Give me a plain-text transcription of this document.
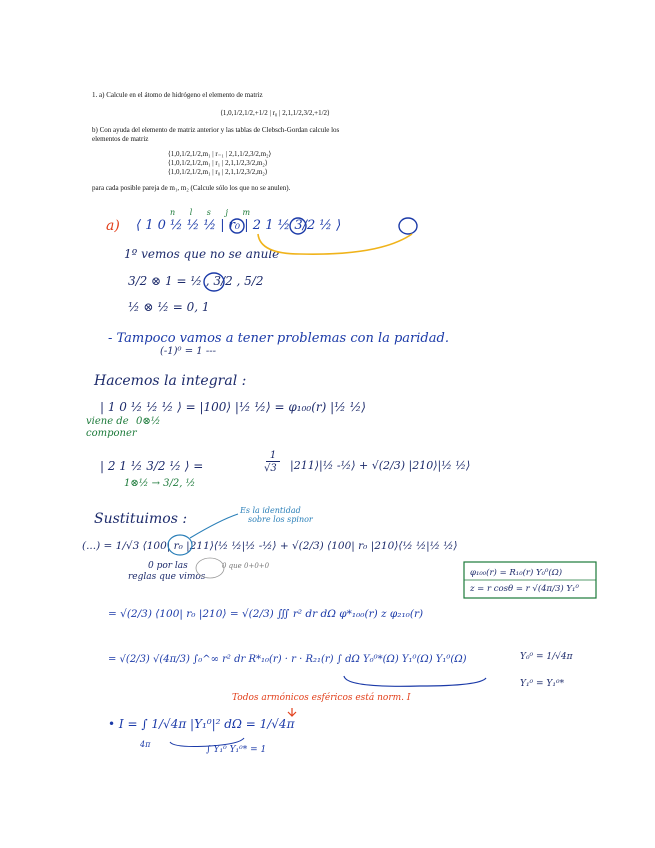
1. a) Calcule en el átomo de hidrógeno el elemento de matriz
⟨1,0,1/2,1/2,+1/2 | r₀ | 2,1,1/2,3/2,+1/2⟩
b) Con ayuda del elemento de matriz anterior y las tablas de Clebsch-Gordan calcule los
elementos de matriz
⟨1,0,1/2,1/2,m₁ | r₋₁ | 2,1,1/2,3/2,m₂⟩
⟨1,0,1/2,1/2,m₁ | r₁ | 2,1,1/2,3/2,m₂⟩
⟨1,0,1/2,1/2,m₁ | r₀ | 2,1,1/2,3/2,m₂⟩
para cada posible pareja de m₁, m₂ (Calcule sólo los que no se anulen).
a)
n l s j m
⟨ 1 0 ½ ½ ½ | r₀ | 2 1 ½ 3/2 ½ ⟩
1º vemos que no se anule
3/2 ⊗ 1 = ½ , 3/2 , 5/2
½ ⊗ ½ = 0, 1
- Tampoco vamos a tener problemas con la paridad.
(-1)⁰ = 1 ---
Hacemos la integral :
| 1 0 ½ ½ ½ ⟩ = |100⟩ |½ ½⟩ = φ₁₀₀(r) |½ ½⟩
viene de 0⊗½
componer
| 2 1 ½ 3/2 ½ ⟩ =
1
√3 |211⟩|½ -½⟩ + √(2/3) |210⟩|½ ½⟩
1⊗½ → 3/2, ½
Sustituimos :
Es la identidad
sobre los spinor
(...) = 1/√3 ⟨100| r₀ |211⟩⟨½ ½|½ -½⟩ + √(2/3) ⟨100| r₀ |210⟩⟨½ ½|½ ½⟩
0 por las
reglas que vimos
0 que 0+0+0
φ₁₀₀(r) = R₁₀(r) Y₀⁰(Ω)
z = r cosθ = r √(4π/3) Y₁⁰
= √(2/3) ⟨100| r₀ |210⟩ = √(2/3) ∭ r² dr dΩ φ*₁₀₀(r) z φ₂₁₀(r)
= √(2/3) √(4π/3) ∫₀^∞ r² dr R*₁₀(r) · r · R₂₁(r) ∫ dΩ Y₀⁰*(Ω) Y₁⁰(Ω) Y₁⁰(Ω)	Y₀⁰ = 1/√4π
Y₁⁰ = Y₁⁰*
Todos armónicos esféricos está norm. I
• I = ∫ 1/√4π |Y₁⁰|² dΩ = 1/√4π
∫ Y₁⁰ Y₁⁰* = 1
4π
